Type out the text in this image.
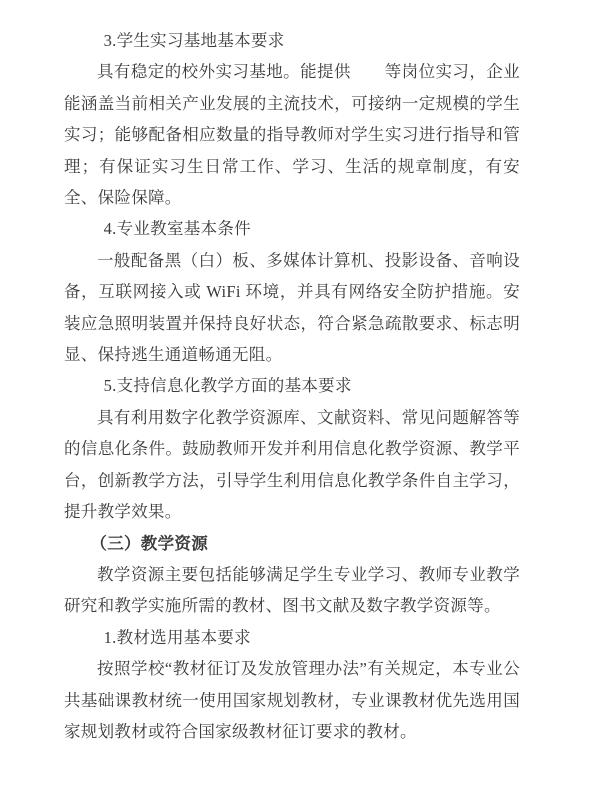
3.学生实习基地基本要求

具有稳定的校外实习基地。能提供　　等岗位实习，企业能涵盖当前相关产业发展的主流技术，可接纳一定规模的学生实习；能够配备相应数量的指导教师对学生实习进行指导和管理；有保证实习生日常工作、学习、生活的规章制度，有安全、保险保障。

4.专业教室基本条件

一般配备黑（白）板、多媒体计算机、投影设备、音响设备，互联网接入或 WiFi 环境，并具有网络安全防护措施。安装应急照明装置并保持良好状态，符合紧急疏散要求、标志明显、保持逃生通道畅通无阻。

5.支持信息化教学方面的基本要求

具有利用数字化教学资源库、文献资料、常见问题解答等的信息化条件。鼓励教师开发并利用信息化教学资源、教学平台，创新教学方法，引导学生利用信息化教学条件自主学习，提升教学效果。

（三）教学资源

教学资源主要包括能够满足学生专业学习、教师专业教学研究和教学实施所需的教材、图书文献及数字教学资源等。

1.教材选用基本要求

按照学校“教材征订及发放管理办法”有关规定，本专业公共基础课教材统一使用国家规划教材，专业课教材优先选用国家规划教材或符合国家级教材征订要求的教材。
